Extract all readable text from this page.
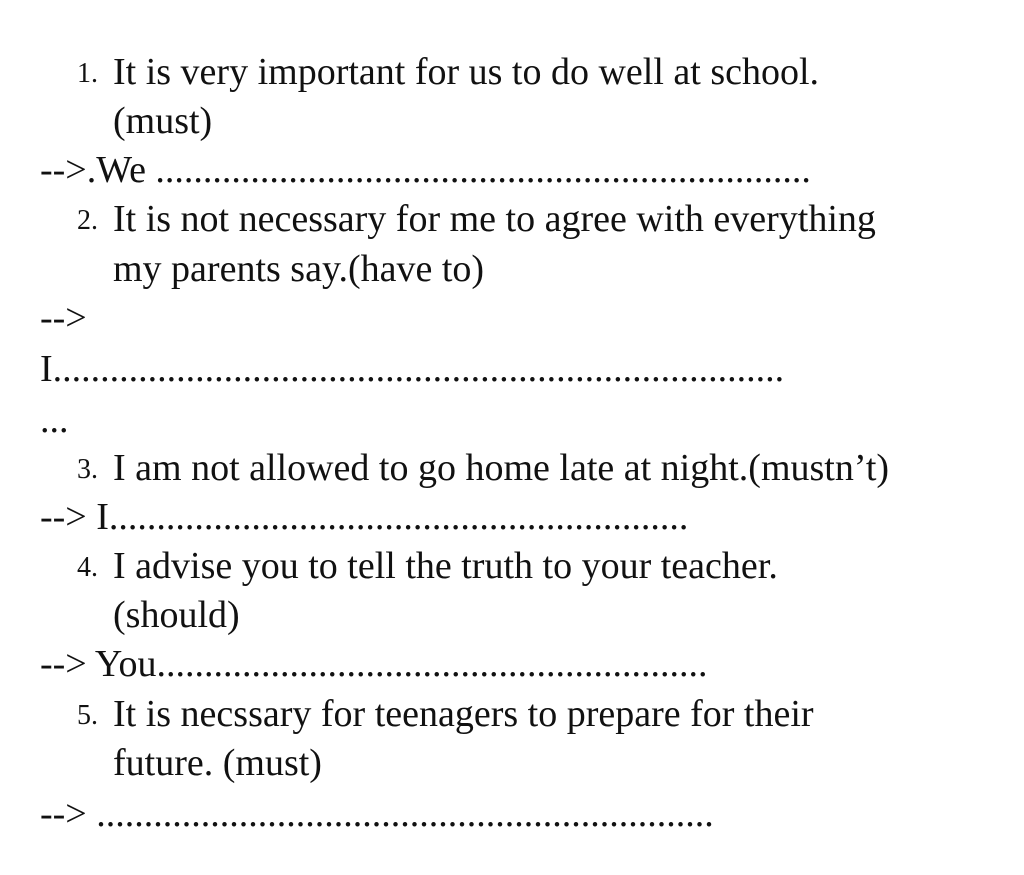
1. It is very important for us to do well at school.
(must)
-->.We .....................................................................
2. It is not necessary for me to agree with everything
my parents say.(have to)
-->
I.............................................................................
...
3. I am not allowed to go home late at night.(mustn’t)
--> I.............................................................
4. I advise you to tell the truth to your teacher.
(should)
--> You..........................................................
5. It is necssary for teenagers to prepare for their
future. (must)
--> .................................................................
